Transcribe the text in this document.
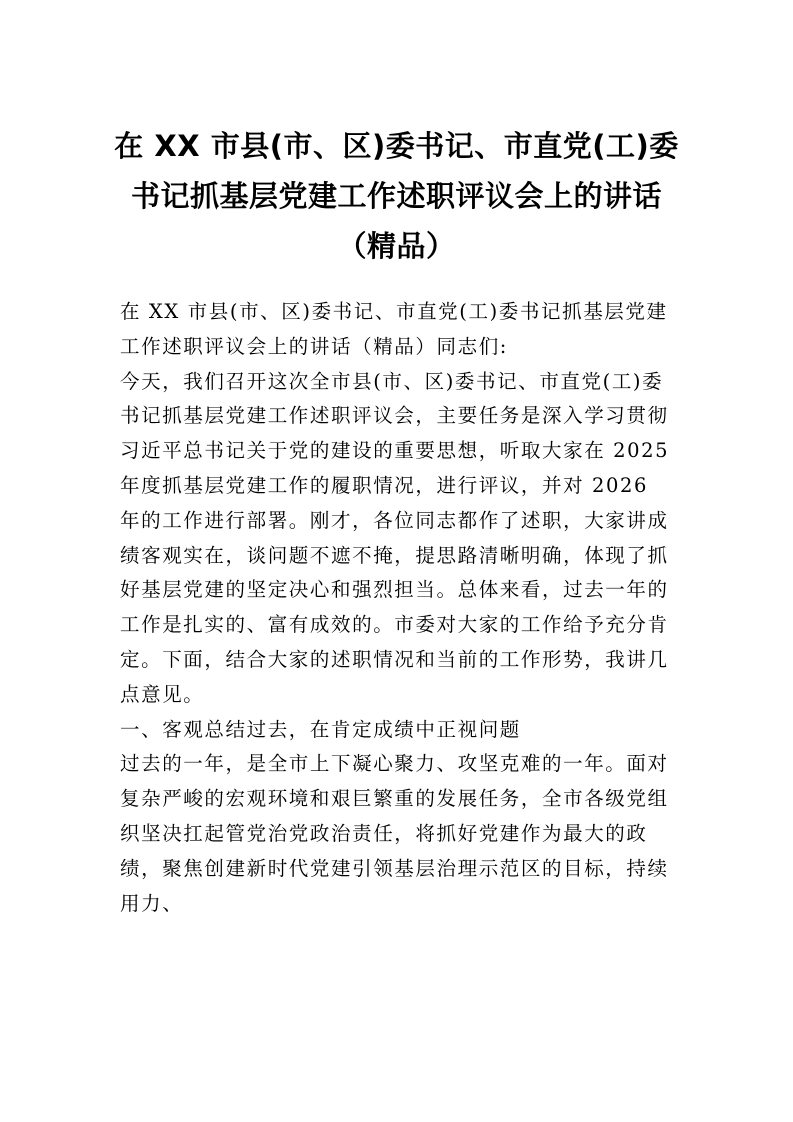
在 XX 市县(市、区)委书记、市直党(工)委书记抓基层党建工作述职评议会上的讲话（精品）

在 XX 市县(市、区)委书记、市直党(工)委书记抓基层党建工作述职评议会上的讲话（精品）同志们:

今天，我们召开这次全市县(市、区)委书记、市直党(工)委书记抓基层党建工作述职评议会，主要任务是深入学习贯彻习近平总书记关于党的建设的重要思想，听取大家在 2025 年度抓基层党建工作的履职情况，进行评议，并对 2026 年的工作进行部署。刚才，各位同志都作了述职，大家讲成绩客观实在，谈问题不遮不掩，提思路清晰明确，体现了抓好基层党建的坚定决心和强烈担当。总体来看，过去一年的工作是扎实的、富有成效的。市委对大家的工作给予充分肯定。下面，结合大家的述职情况和当前的工作形势，我讲几点意见。

一、客观总结过去，在肯定成绩中正视问题

过去的一年，是全市上下凝心聚力、攻坚克难的一年。面对复杂严峻的宏观环境和艰巨繁重的发展任务，全市各级党组织坚决扛起管党治党政治责任，将抓好党建作为最大的政绩，聚焦创建新时代党建引领基层治理示范区的目标，持续用力、
